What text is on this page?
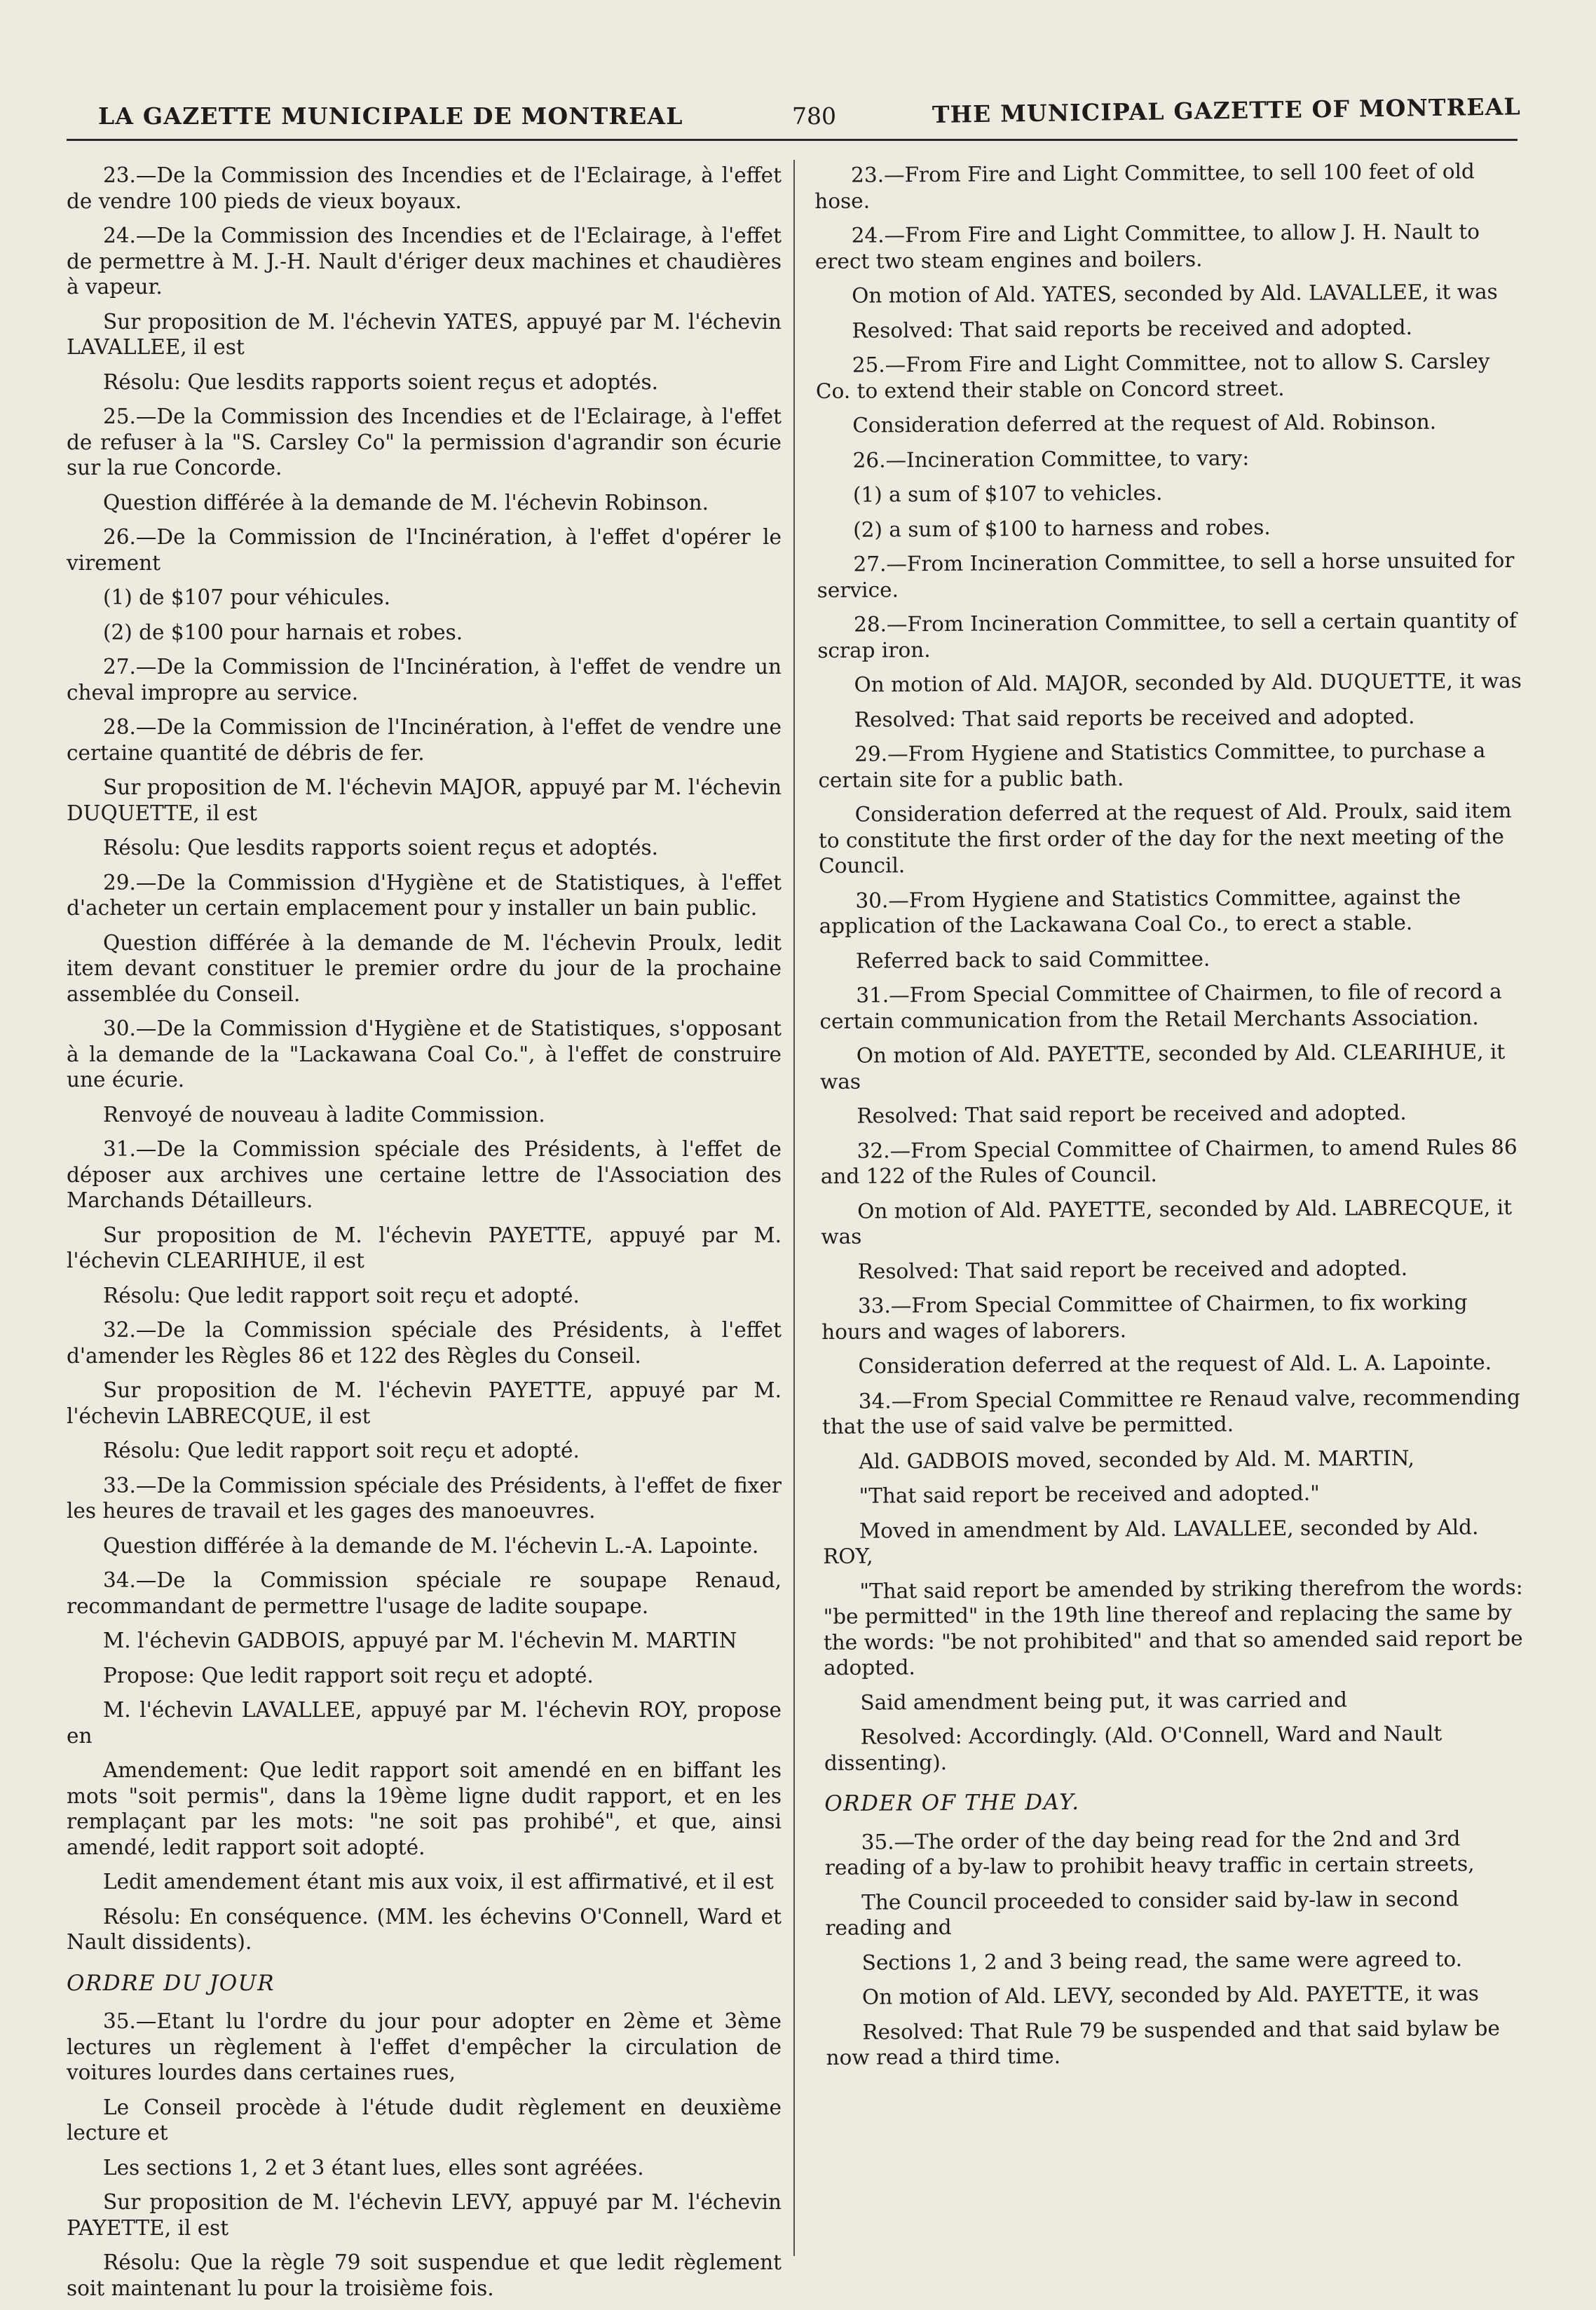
LA GAZETTE MUNICIPALE DE MONTREAL	780	THE MUNICIPAL GAZETTE OF MONTREAL

23.—De la Commission des Incendies et de l'Eclairage, à l'effet de vendre 100 pieds de vieux boyaux.

24.—De la Commission des Incendies et de l'Eclairage, à l'effet de permettre à M. J.-H. Nault d'ériger deux machines et chaudières à vapeur.

Sur proposition de M. l'échevin YATES, appuyé par M. l'échevin LAVALLEE, il est

Résolu: Que lesdits rapports soient reçus et adoptés.

25.—De la Commission des Incendies et de l'Eclairage, à l'effet de refuser à la "S. Carsley Co" la permission d'agrandir son écurie sur la rue Concorde.

Question différée à la demande de M. l'échevin Robinson.

26.—De la Commission de l'Incinération, à l'effet d'opérer le virement

(1) de $107 pour véhicules.

(2) de $100 pour harnais et robes.

27.—De la Commission de l'Incinération, à l'effet de vendre un cheval impropre au service.

28.—De la Commission de l'Incinération, à l'effet de vendre une certaine quantité de débris de fer.

Sur proposition de M. l'échevin MAJOR, appuyé par M. l'échevin DUQUETTE, il est

Résolu: Que lesdits rapports soient reçus et adoptés.

29.—De la Commission d'Hygiène et de Statistiques, à l'effet d'acheter un certain emplacement pour y installer un bain public.

Question différée à la demande de M. l'échevin Proulx, ledit item devant constituer le premier ordre du jour de la prochaine assemblée du Conseil.

30.—De la Commission d'Hygiène et de Statistiques, s'opposant à la demande de la "Lackawana Coal Co.", à l'effet de construire une écurie.

Renvoyé de nouveau à ladite Commission.

31.—De la Commission spéciale des Présidents, à l'effet de déposer aux archives une certaine lettre de l'Association des Marchands Détailleurs.

Sur proposition de M. l'échevin PAYETTE, appuyé par M. l'échevin CLEARIHUE, il est

Résolu: Que ledit rapport soit reçu et adopté.

32.—De la Commission spéciale des Présidents, à l'effet d'amender les Règles 86 et 122 des Règles du Conseil.

Sur proposition de M. l'échevin PAYETTE, appuyé par M. l'échevin LABRECQUE, il est

Résolu: Que ledit rapport soit reçu et adopté.

33.—De la Commission spéciale des Présidents, à l'effet de fixer les heures de travail et les gages des manoeuvres.

Question différée à la demande de M. l'échevin L.-A. Lapointe.

34.—De la Commission spéciale re soupape Renaud, recommandant de permettre l'usage de ladite soupape.

M. l'échevin GADBOIS, appuyé par M. l'échevin M. MARTIN

Propose: Que ledit rapport soit reçu et adopté.

M. l'échevin LAVALLEE, appuyé par M. l'échevin ROY, propose en

Amendement: Que ledit rapport soit amendé en en biffant les mots "soit permis", dans la 19ème ligne dudit rapport, et en les remplaçant par les mots: "ne soit pas prohibé", et que, ainsi amendé, ledit rapport soit adopté.

Ledit amendement étant mis aux voix, il est affirmativé, et il est

Résolu: En conséquence. (MM. les échevins O'Connell, Ward et Nault dissidents).

ORDRE DU JOUR

35.—Etant lu l'ordre du jour pour adopter en 2ème et 3ème lectures un règlement à l'effet d'empêcher la circulation de voitures lourdes dans certaines rues,

Le Conseil procède à l'étude dudit règlement en deuxième lecture et

Les sections 1, 2 et 3 étant lues, elles sont agréées.

Sur proposition de M. l'échevin LEVY, appuyé par M. l'échevin PAYETTE, il est

Résolu: Que la règle 79 soit suspendue et que ledit règlement soit maintenant lu pour la troisième fois.

23.—From Fire and Light Committee, to sell 100 feet of old hose.

24.—From Fire and Light Committee, to allow J. H. Nault to erect two steam engines and boilers.

On motion of Ald. YATES, seconded by Ald. LAVALLEE, it was

Resolved: That said reports be received and adopted.

25.—From Fire and Light Committee, not to allow S. Carsley Co. to extend their stable on Concord street.

Consideration deferred at the request of Ald. Robinson.

26.—Incineration Committee, to vary:

(1) a sum of $107 to vehicles.

(2) a sum of $100 to harness and robes.

27.—From Incineration Committee, to sell a horse unsuited for service.

28.—From Incineration Committee, to sell a certain quantity of scrap iron.

On motion of Ald. MAJOR, seconded by Ald. DUQUETTE, it was

Resolved: That said reports be received and adopted.

29.—From Hygiene and Statistics Committee, to purchase a certain site for a public bath.

Consideration deferred at the request of Ald. Proulx, said item to constitute the first order of the day for the next meeting of the Council.

30.—From Hygiene and Statistics Committee, against the application of the Lackawana Coal Co., to erect a stable.

Referred back to said Committee.

31.—From Special Committee of Chairmen, to file of record a certain communication from the Retail Merchants Association.

On motion of Ald. PAYETTE, seconded by Ald. CLEARIHUE, it was

Resolved: That said report be received and adopted.

32.—From Special Committee of Chairmen, to amend Rules 86 and 122 of the Rules of Council.

On motion of Ald. PAYETTE, seconded by Ald. LABRECQUE, it was

Resolved: That said report be received and adopted.

33.—From Special Committee of Chairmen, to fix working hours and wages of laborers.

Consideration deferred at the request of Ald. L. A. Lapointe.

34.—From Special Committee re Renaud valve, recommending that the use of said valve be permitted.

Ald. GADBOIS moved, seconded by Ald. M. MARTIN,

"That said report be received and adopted."

Moved in amendment by Ald. LAVALLEE, seconded by Ald. ROY,

"That said report be amended by striking therefrom the words: "be permitted" in the 19th line thereof and replacing the same by the words: "be not prohibited" and that so amended said report be adopted.

Said amendment being put, it was carried and

Resolved: Accordingly. (Ald. O'Connell, Ward and Nault dissenting).

ORDER OF THE DAY.

35.—The order of the day being read for the 2nd and 3rd reading of a by-law to prohibit heavy traffic in certain streets,

The Council proceeded to consider said by-law in second reading and

Sections 1, 2 and 3 being read, the same were agreed to.

On motion of Ald. LEVY, seconded by Ald. PAYETTE, it was

Resolved: That Rule 79 be suspended and that said bylaw be now read a third time.
